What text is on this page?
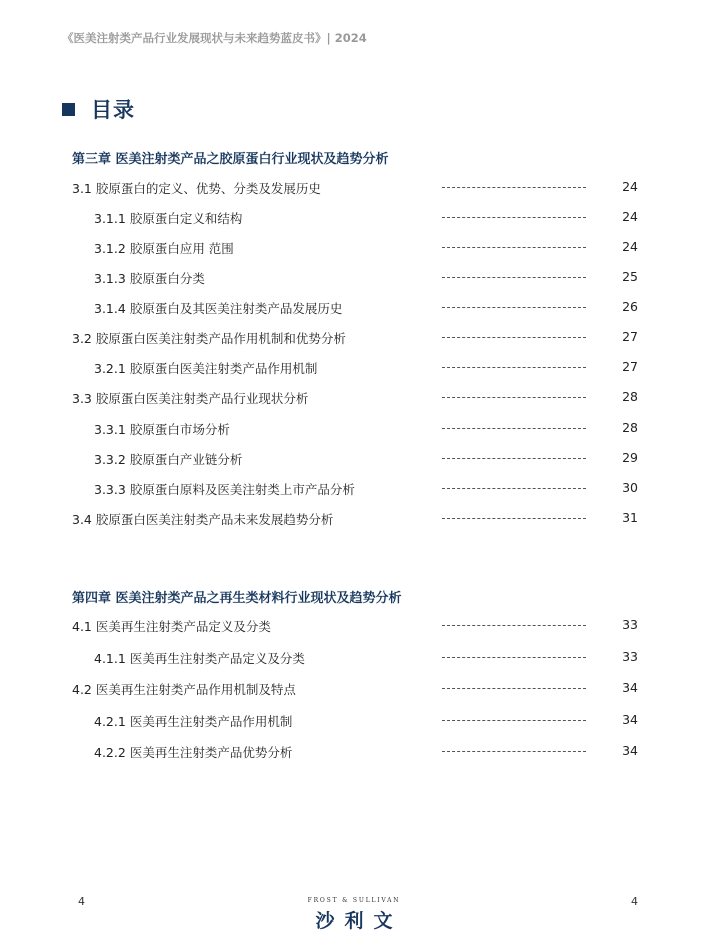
《医美注射类产品行业发展现状与未来趋势蓝皮书》| 2024
目录
第三章 医美注射类产品之胶原蛋白行业现状及趋势分析
3.1 胶原蛋白的定义、优势、分类及发展历史	24
3.1.1 胶原蛋白定义和结构	24
3.1.2 胶原蛋白应用 范围	24
3.1.3 胶原蛋白分类	25
3.1.4 胶原蛋白及其医美注射类产品发展历史	26
3.2 胶原蛋白医美注射类产品作用机制和优势分析	27
3.2.1 胶原蛋白医美注射类产品作用机制	27
3.3 胶原蛋白医美注射类产品行业现状分析	28
3.3.1 胶原蛋白市场分析	28
3.3.2 胶原蛋白产业链分析	29
3.3.3 胶原蛋白原料及医美注射类上市产品分析	30
3.4 胶原蛋白医美注射类产品未来发展趋势分析	31
第四章 医美注射类产品之再生类材料行业现状及趋势分析
4.1 医美再生注射类产品定义及分类	33
4.1.1 医美再生注射类产品定义及分类	33
4.2 医美再生注射类产品作用机制及特点	34
4.2.1 医美再生注射类产品作用机制	34
4.2.2 医美再生注射类产品优势分析	34
4	FROST & SULLIVAN
沙利文
4
